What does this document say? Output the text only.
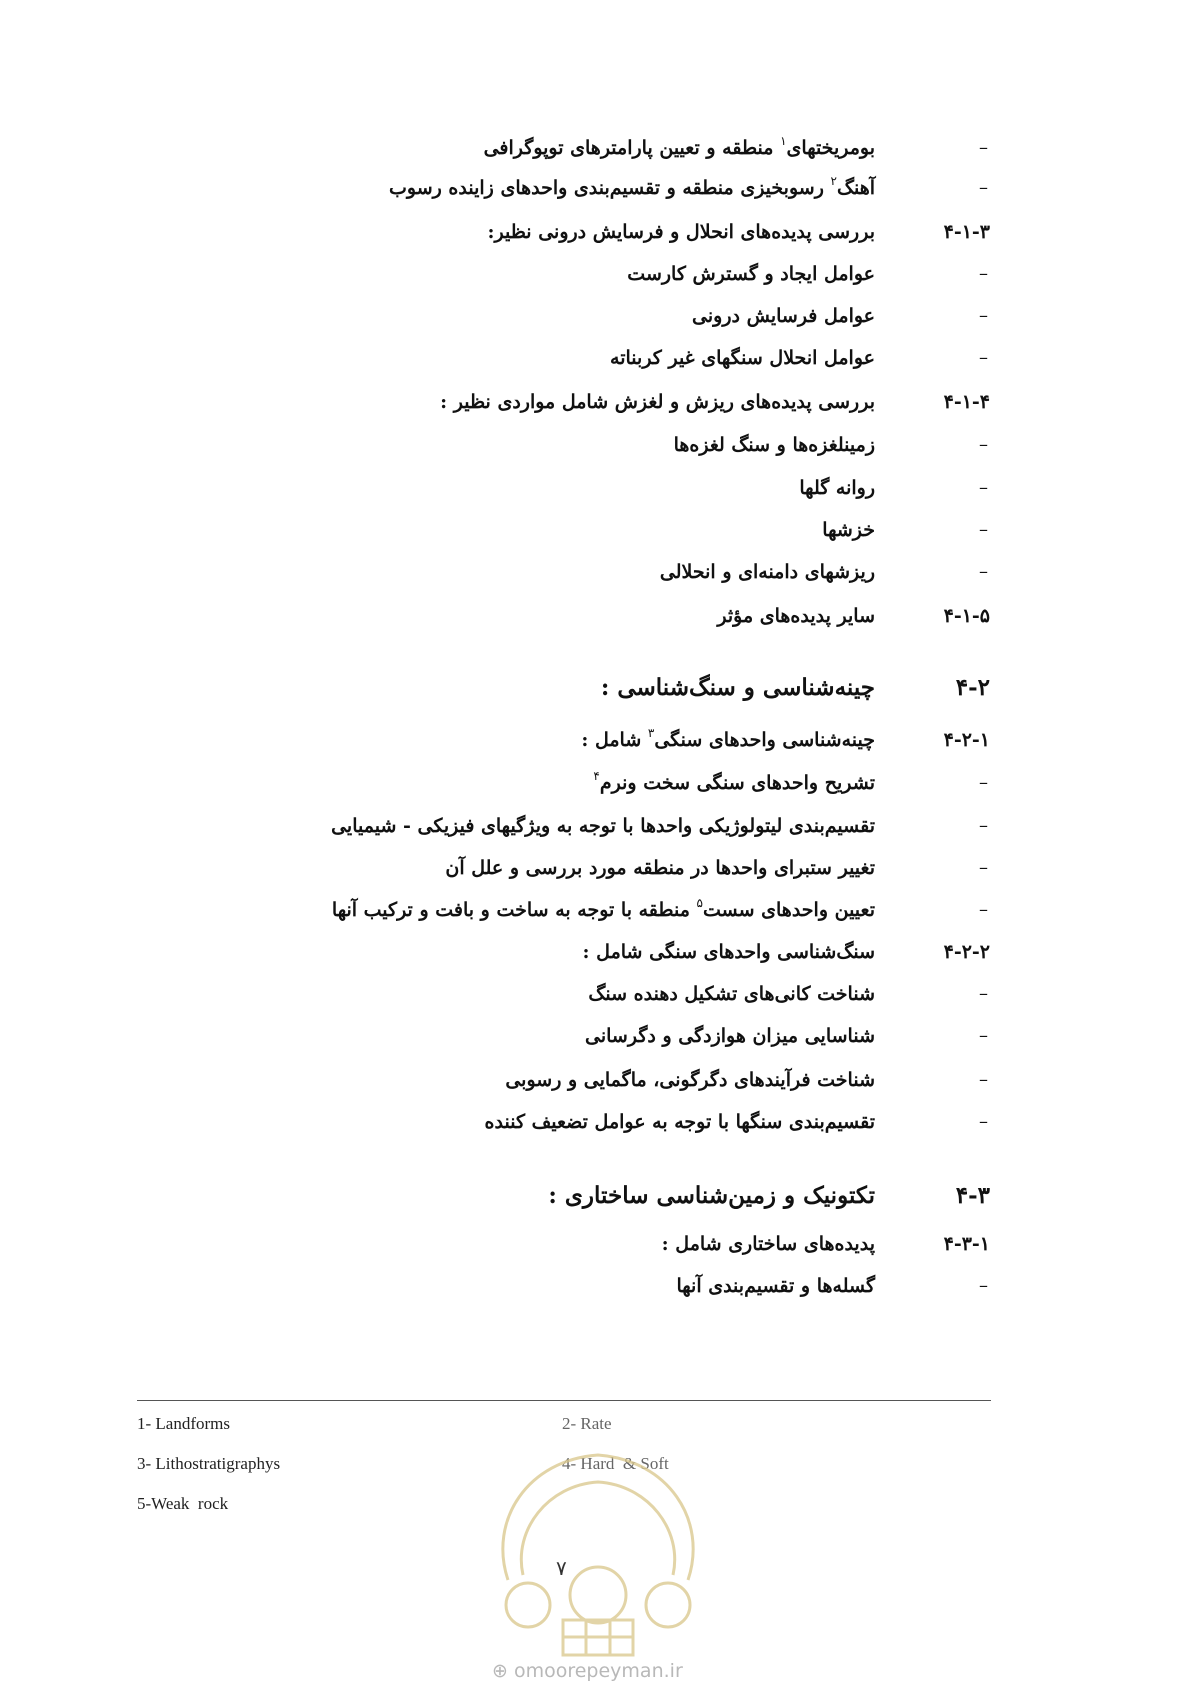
–
بومریختهای$^۱$ منطقه و تعیین پارامترهای توپوگرافی
–
آهنگ$^۲$ رسوبخیزی منطقه و تقسیم‌بندی واحدهای زاینده رسوب
۴-۱-۳
بررسی پدیده‌های انحلال و فرسایش درونی نظیر:
–
عوامل ایجاد و گسترش کارست
–
عوامل فرسایش درونی
–
عوامل انحلال سنگهای غیر کربناته
۴-۱-۴
بررسی پدیده‌های ریزش و لغزش شامل مواردی نظیر :
–
زمینلغزه‌ها و سنگ لغزه‌ها
–
روانه گلها
–
خزشها
–
ریزشهای دامنه‌ای و انحلالی
۴-۱-۵
سایر پدیده‌های مؤثر
۴-۲
چینه‌شناسی و سنگ‌شناسی :
۴-۲-۱
چینه‌شناسی واحدهای سنگی$^۳$ شامل :
–
تشریح واحدهای سنگی سخت ونرم$^۴$
–
تقسیم‌بندی لیتولوژیکی واحدها با توجه به ویژگیهای فیزیکی - شیمیایی
–
تغییر ستبرای واحدها در منطقه مورد بررسی و علل آن
–
تعیین واحدهای سست$^۵$ منطقه با توجه به ساخت و بافت و ترکیب آنها
۴-۲-۲
سنگ‌شناسی واحدهای سنگی شامل :
–
شناخت کانی‌های تشکیل دهنده سنگ
–
شناسایی میزان هوازدگی و دگرسانی
–
شناخت فرآیندهای دگرگونی، ماگمایی و رسوبی
–
تقسیم‌بندی سنگها با توجه به عوامل تضعیف کننده
۴-۳
تکتونیک و زمین‌شناسی ساختاری :
۴-۳-۱
پدیده‌های ساختاری شامل :
–
گسله‌ها و تقسیم‌بندی آنها
1- Landforms	2- Rate
3- Lithostratigraphys	4- Hard  & Soft
5-Weak  rock
۷
⊕ omoorepeyman.ir
